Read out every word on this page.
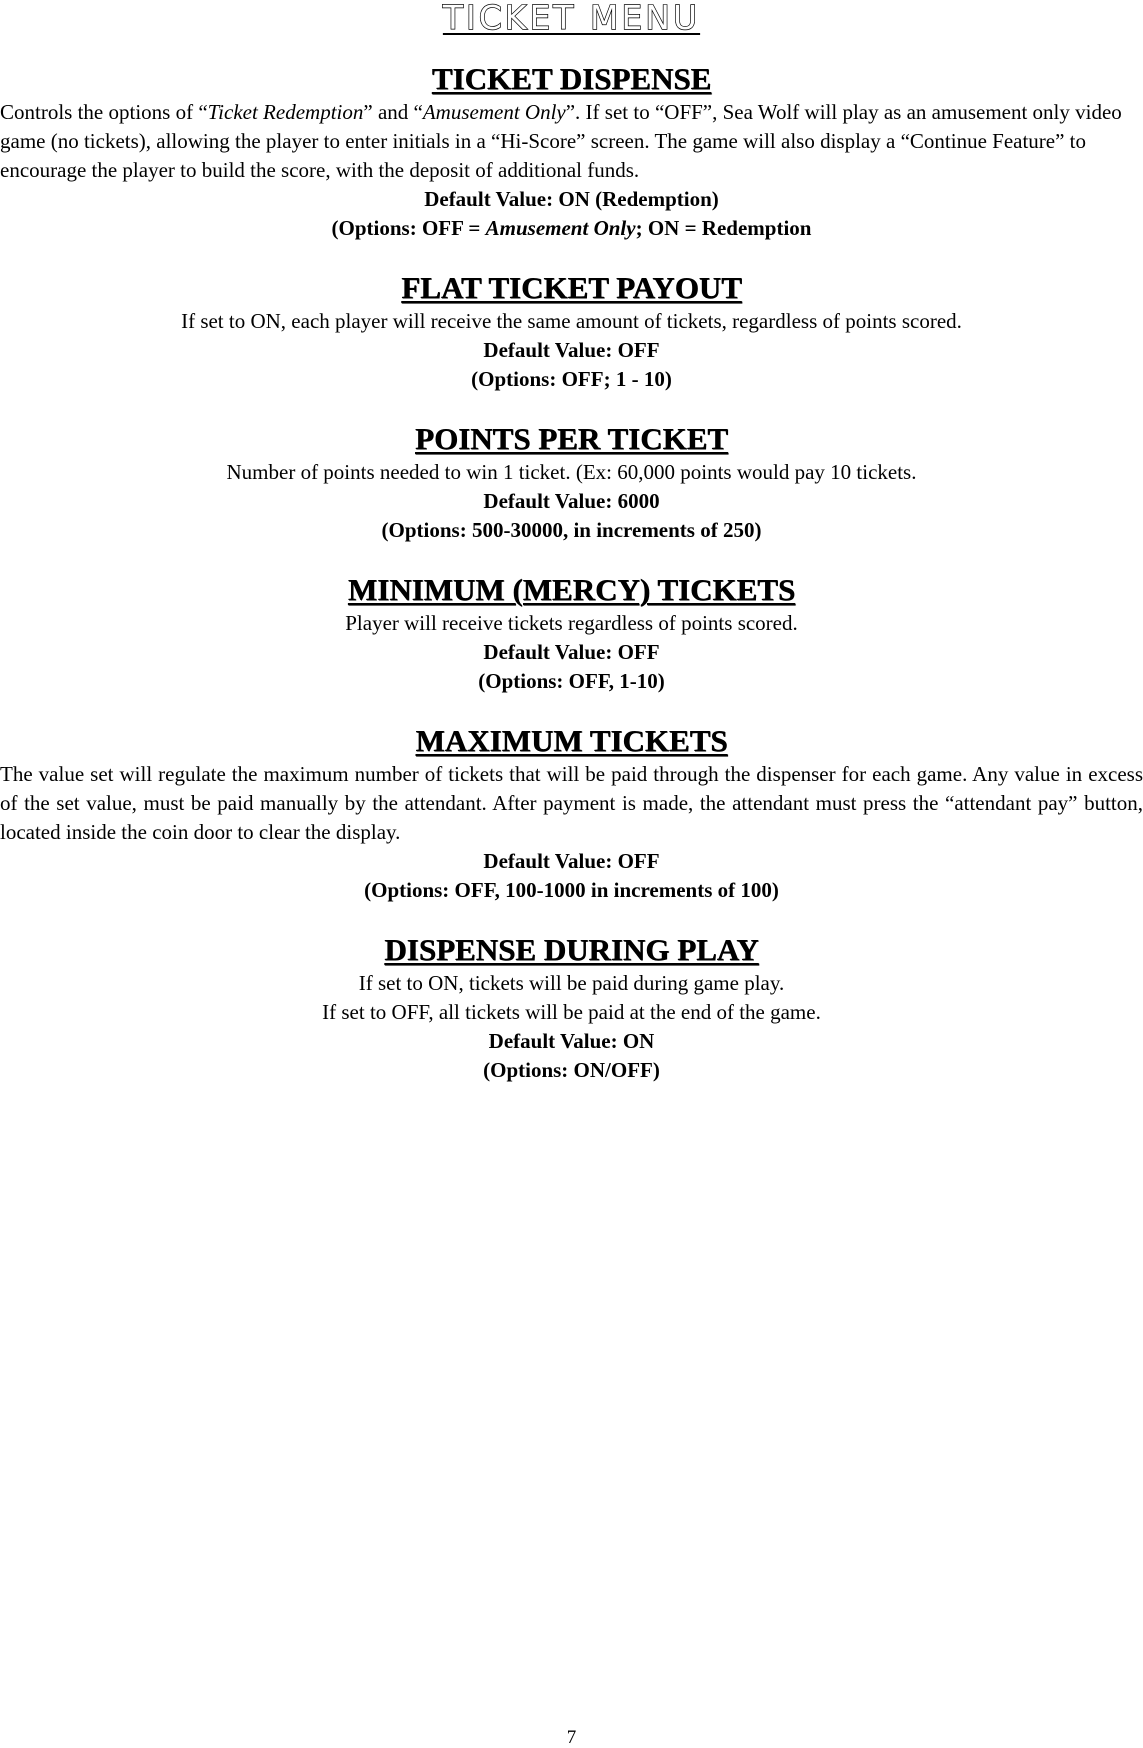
TICKET MENU
TICKET DISPENSE

Controls the options of “Ticket Redemption” and “Amusement Only”. If set to “OFF”, Sea Wolf will play as an amusement only video game (no tickets), allowing the player to enter initials in a “Hi-Score” screen. The game will also display a “Continue Feature” to encourage the player to build the score, with the deposit of additional funds.

Default Value: ON (Redemption)

(Options: OFF = Amusement Only; ON = Redemption

FLAT TICKET PAYOUT

If set to ON, each player will receive the same amount of tickets, regardless of points scored.

Default Value: OFF

(Options: OFF; 1 - 10)

POINTS PER TICKET

Number of points needed to win 1 ticket. (Ex: 60,000 points would pay 10 tickets.

Default Value: 6000

(Options: 500-30000, in increments of 250)

MINIMUM (MERCY) TICKETS

Player will receive tickets regardless of points scored.

Default Value: OFF

(Options: OFF, 1-10)

MAXIMUM TICKETS

The value set will regulate the maximum number of tickets that will be paid through the dispenser for each game. Any value in excess of the set value, must be paid manually by the attendant. After payment is made, the attendant must press the “attendant pay” button, located inside the coin door to clear the display.

Default Value: OFF

(Options: OFF, 100-1000 in increments of 100)

DISPENSE DURING PLAY

If set to ON, tickets will be paid during game play.

If set to OFF, all tickets will be paid at the end of the game.

Default Value: ON

(Options: ON/OFF)

7
